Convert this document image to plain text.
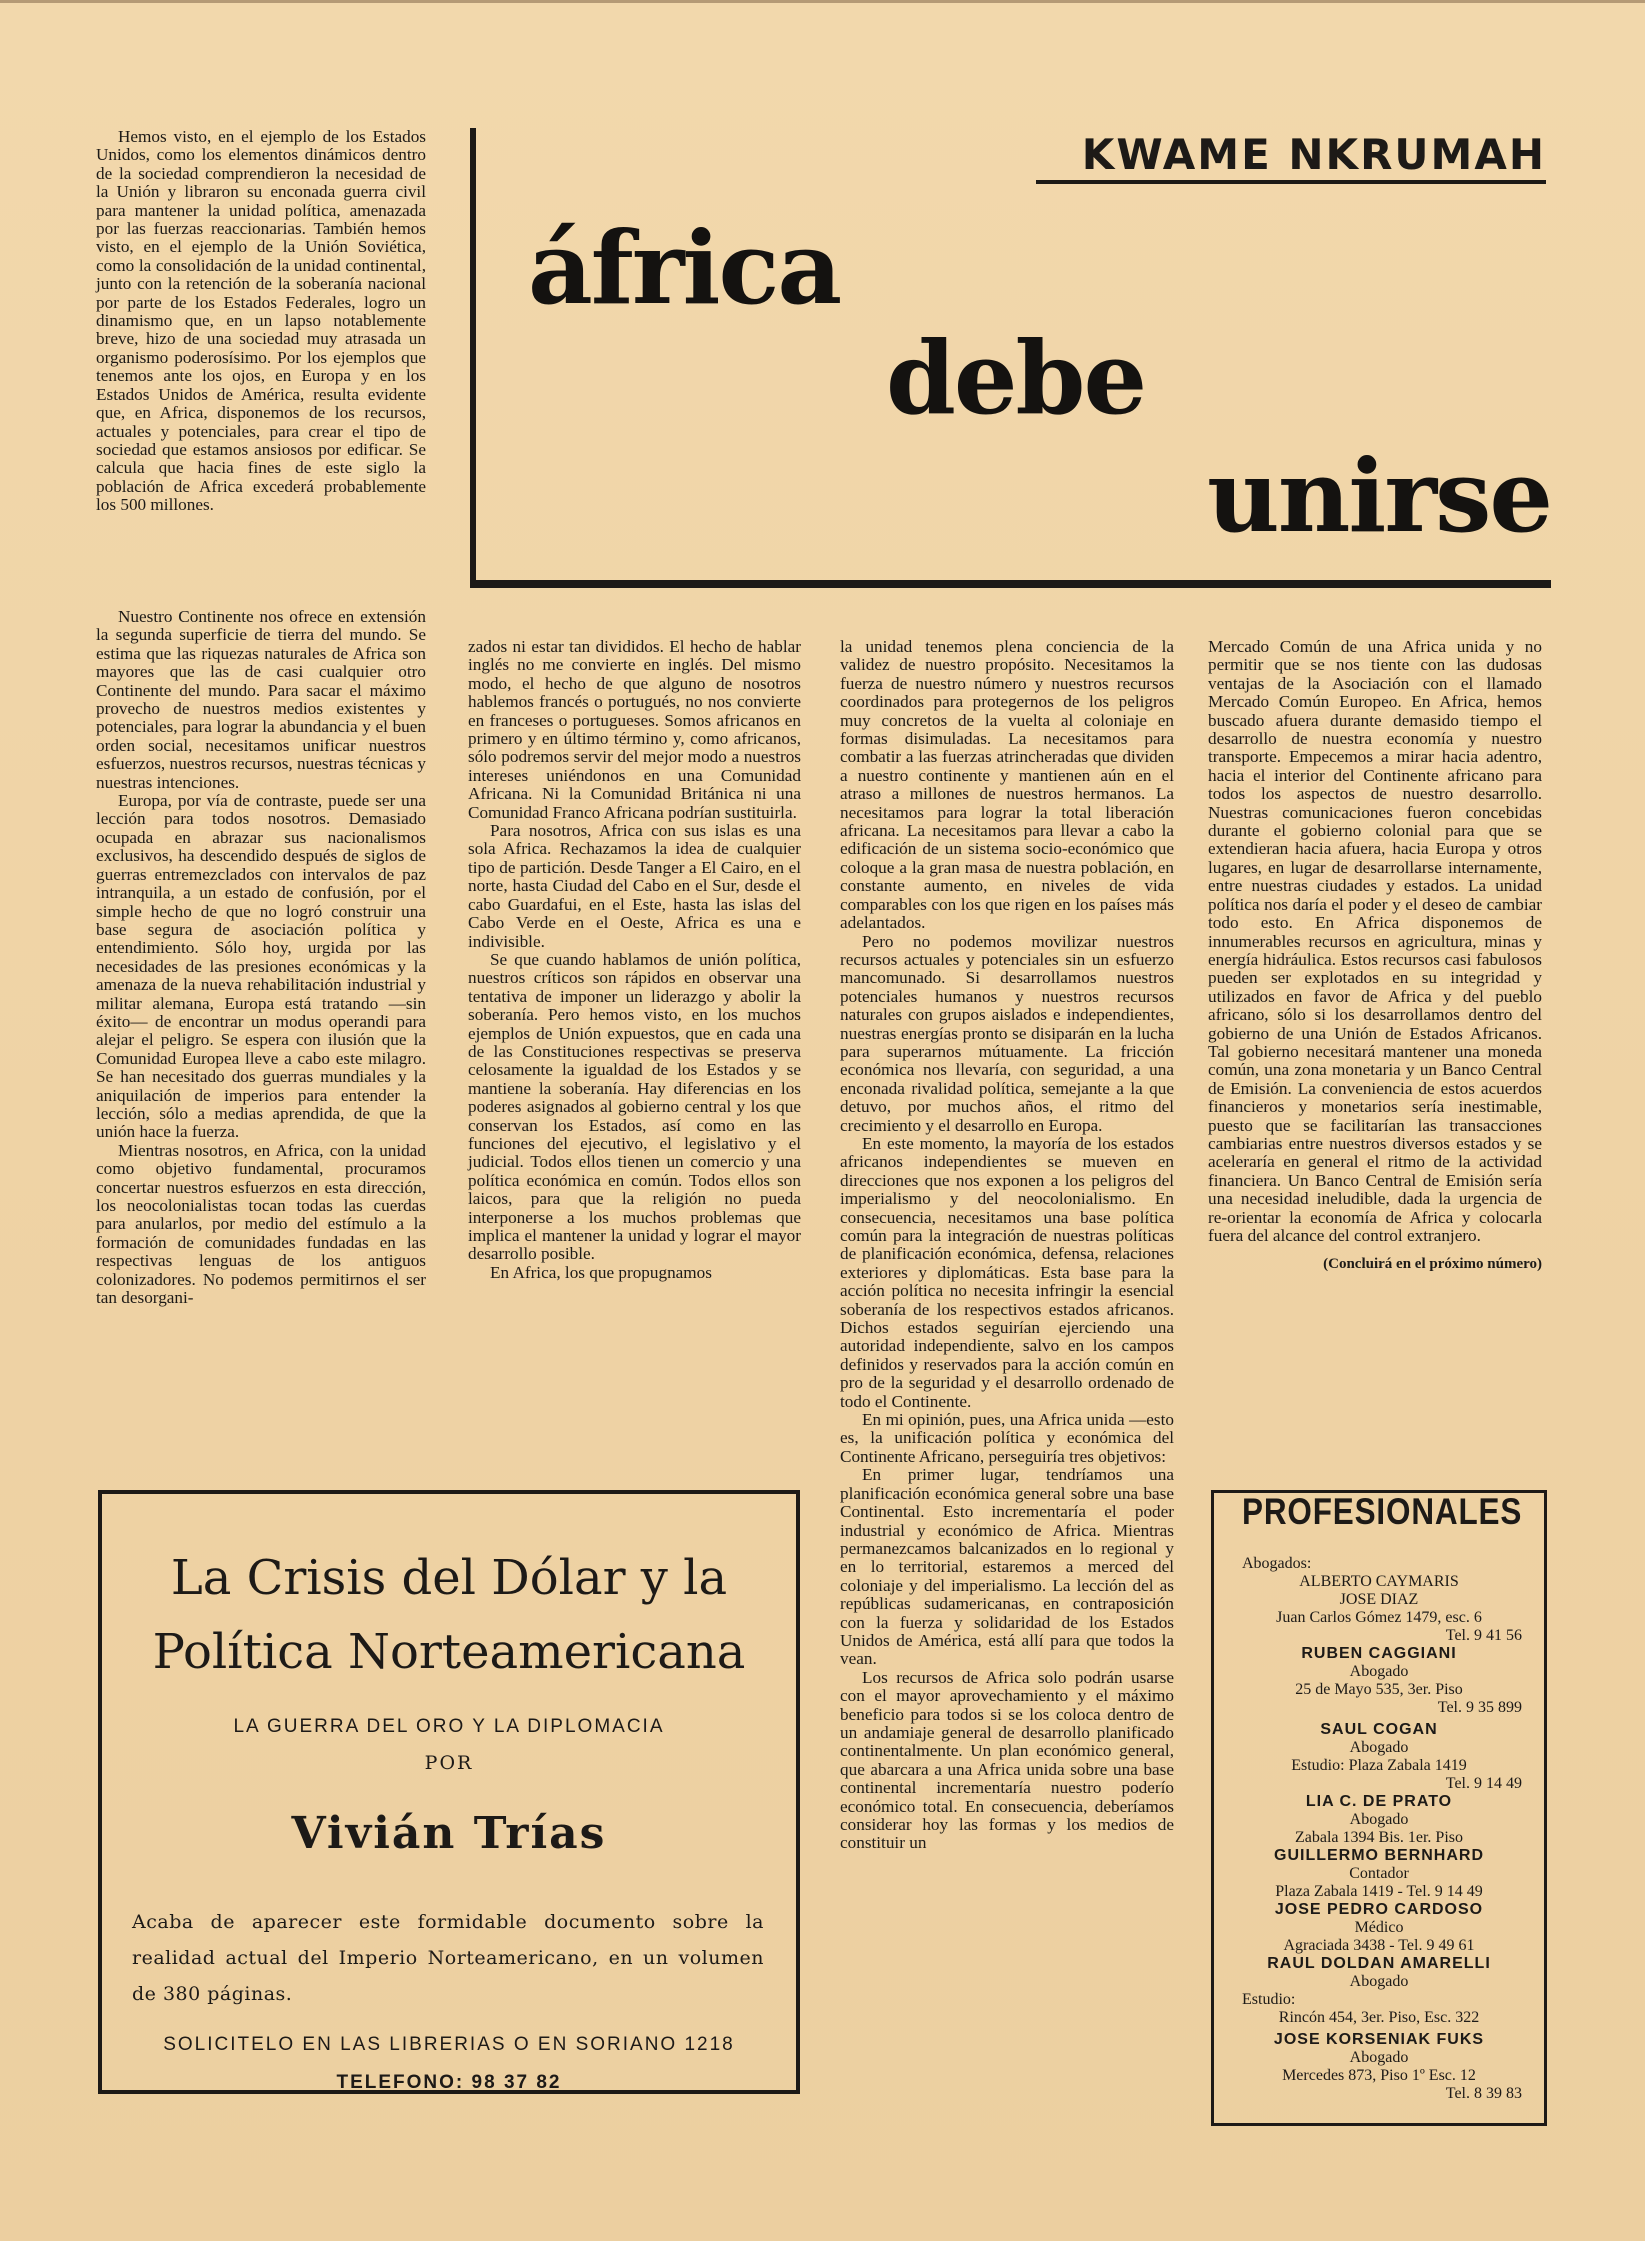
KWAME NKRUMAH
áfrica
debe
unirse

Hemos visto, en el ejemplo de los Estados Unidos, como los elementos dinámicos dentro de la sociedad comprendieron la necesidad de la Unión y libraron su enconada guerra civil para mantener la unidad política, amenazada por las fuerzas reaccionarias. También hemos visto, en el ejemplo de la Unión Soviética, como la consolidación de la unidad continental, junto con la retención de la soberanía nacional por parte de los Estados Federales, logro un dinamismo que, en un lapso notablemente breve, hizo de una sociedad muy atrasada un organismo poderosísimo. Por los ejemplos que tenemos ante los ojos, en Europa y en los Estados Unidos de América, resulta evidente que, en Africa, disponemos de los recursos, actuales y potenciales, para crear el tipo de sociedad que estamos ansiosos por edificar. Se calcula que hacia fines de este siglo la población de Africa excederá probablemente los 500 millones.

Nuestro Continente nos ofrece en extensión la segunda superficie de tierra del mundo. Se estima que las riquezas naturales de Africa son mayores que las de casi cualquier otro Continente del mundo. Para sacar el máximo provecho de nuestros medios existentes y potenciales, para lograr la abundancia y el buen orden social, necesitamos unificar nuestros esfuerzos, nuestros recursos, nuestras técnicas y nuestras intenciones.

Europa, por vía de contraste, puede ser una lección para todos nosotros. Demasiado ocupada en abrazar sus nacionalismos exclusivos, ha descendido después de siglos de guerras entremezclados con intervalos de paz intranquila, a un estado de confusión, por el simple hecho de que no logró construir una base segura de asociación política y entendimiento. Sólo hoy, urgida por las necesidades de las presiones económicas y la amenaza de la nueva rehabilitación industrial y militar alemana, Europa está tratando —sin éxito— de encontrar un modus operandi para alejar el peligro. Se espera con ilusión que la Comunidad Europea lleve a cabo este milagro. Se han necesitado dos guerras mundiales y la aniquilación de imperios para entender la lección, sólo a medias aprendida, de que la unión hace la fuerza.

Mientras nosotros, en Africa, con la unidad como objetivo fundamental, procuramos concertar nuestros esfuerzos en esta dirección, los neocolonialistas tocan todas las cuerdas para anularlos, por medio del estímulo a la formación de comunidades fundadas en las respectivas lenguas de los antiguos colonizadores. No podemos permitirnos el ser tan desorgani-

zados ni estar tan divididos. El hecho de hablar inglés no me convierte en inglés. Del mismo modo, el hecho de que alguno de nosotros hablemos francés o portugués, no nos convierte en franceses o portugueses. Somos africanos en primero y en último término y, como africanos, sólo podremos servir del mejor modo a nuestros intereses uniéndonos en una Comunidad Africana. Ni la Comunidad Británica ni una Comunidad Franco Africana podrían sustituirla.

Para nosotros, Africa con sus islas es una sola Africa. Rechazamos la idea de cualquier tipo de partición. Desde Tanger a El Cairo, en el norte, hasta Ciudad del Cabo en el Sur, desde el cabo Guardafui, en el Este, hasta las islas del Cabo Verde en el Oeste, Africa es una e indivisible.

Se que cuando hablamos de unión política, nuestros críticos son rápidos en observar una tentativa de imponer un liderazgo y abolir la soberanía. Pero hemos visto, en los muchos ejemplos de Unión expuestos, que en cada una de las Constituciones respectivas se preserva celosamente la igualdad de los Estados y se mantiene la soberanía. Hay diferencias en los poderes asignados al gobierno central y los que conservan los Estados, así como en las funciones del ejecutivo, el legislativo y el judicial. Todos ellos tienen un comercio y una política económica en común. Todos ellos son laicos, para que la religión no pueda interponerse a los muchos problemas que implica el mantener la unidad y lograr el mayor desarrollo posible.

En Africa, los que propugnamos

la unidad tenemos plena conciencia de la validez de nuestro propósito. Necesitamos la fuerza de nuestro número y nuestros recursos coordinados para protegernos de los peligros muy concretos de la vuelta al coloniaje en formas disimuladas. La necesitamos para combatir a las fuerzas atrincheradas que dividen a nuestro continente y mantienen aún en el atraso a millones de nuestros hermanos. La necesitamos para lograr la total liberación africana. La necesitamos para llevar a cabo la edificación de un sistema socio-económico que coloque a la gran masa de nuestra población, en constante aumento, en niveles de vida comparables con los que rigen en los países más adelantados.

Pero no podemos movilizar nuestros recursos actuales y potenciales sin un esfuerzo mancomunado. Si desarrollamos nuestros potenciales humanos y nuestros recursos naturales con grupos aislados e independientes, nuestras energías pronto se disiparán en la lucha para superarnos mútuamente. La fricción económica nos llevaría, con seguridad, a una enconada rivalidad política, semejante a la que detuvo, por muchos años, el ritmo del crecimiento y el desarrollo en Europa.

En este momento, la mayoría de los estados africanos independientes se mueven en direcciones que nos exponen a los peligros del imperialismo y del neocolonialismo. En consecuencia, necesitamos una base política común para la integración de nuestras políticas de planificación económica, defensa, relaciones exteriores y diplomáticas. Esta base para la acción política no necesita infringir la esencial soberanía de los respectivos estados africanos. Dichos estados seguirían ejerciendo una autoridad independiente, salvo en los campos definidos y reservados para la acción común en pro de la seguridad y el desarrollo ordenado de todo el Continente.

En mi opinión, pues, una Africa unida —esto es, la unificación política y económica del Continente Africano, perseguiría tres objetivos:

En primer lugar, tendríamos una planificación económica general sobre una base Continental. Esto incrementaría el poder industrial y económico de Africa. Mientras permanezcamos balcanizados en lo regional y en lo territorial, estaremos a merced del coloniaje y del imperialismo. La lección del as repúblicas sudamericanas, en contraposición con la fuerza y solidaridad de los Estados Unidos de América, está allí para que todos la vean.

Los recursos de Africa solo podrán usarse con el mayor aprovechamiento y el máximo beneficio para todos si se los coloca dentro de un andamiaje general de desarrollo planificado continentalmente. Un plan económico general, que abarcara a una Africa unida sobre una base continental incrementaría nuestro poderío económico total. En consecuencia, deberíamos considerar hoy las formas y los medios de constituir un

Mercado Común de una Africa unida y no permitir que se nos tiente con las dudosas ventajas de la Asociación con el llamado Mercado Común Europeo. En Africa, hemos buscado afuera durante demasido tiempo el desarrollo de nuestra economía y nuestro transporte. Empecemos a mirar hacia adentro, hacia el interior del Continente africano para todos los aspectos de nuestro desarrollo. Nuestras comunicaciones fueron concebidas durante el gobierno colonial para que se extendieran hacia afuera, hacia Europa y otros lugares, en lugar de desarrollarse internamente, entre nuestras ciudades y estados. La unidad política nos daría el poder y el deseo de cambiar todo esto. En Africa disponemos de innumerables recursos en agricultura, minas y energía hidráulica. Estos recursos casi fabulosos pueden ser explotados en su integridad y utilizados en favor de Africa y del pueblo africano, sólo si los desarrollamos dentro del gobierno de una Unión de Estados Africanos. Tal gobierno necesitará mantener una moneda común, una zona monetaria y un Banco Central de Emisión. La conveniencia de estos acuerdos financieros y monetarios sería inestimable, puesto que se facilitarían las transacciones cambiarias entre nuestros diversos estados y se aceleraría en general el ritmo de la actividad financiera. Un Banco Central de Emisión sería una necesidad ineludible, dada la urgencia de re-orientar la economía de Africa y colocarla fuera del alcance del control extranjero.

(Concluirá en el próximo número)
La Crisis del Dólar y la
Política Norteamericana
LA GUERRA DEL ORO Y LA DIPLOMACIA
POR
Vivián Trías
Acaba de aparecer este formidable documento sobre la realidad actual del Imperio Norteamericano, en un volumen de 380 páginas.
SOLICITELO EN LAS LIBRERIAS O EN SORIANO 1218
TELEFONO: 98 37 82
PROFESIONALES
Abogados:
ALBERTO CAYMARIS
JOSE DIAZ
Juan Carlos Gómez 1479, esc. 6
Tel. 9 41 56
RUBEN CAGGIANI
Abogado
25 de Mayo 535, 3er. Piso
Tel. 9 35 899
SAUL COGAN
Abogado
Estudio: Plaza Zabala 1419
Tel. 9 14 49
LIA C. DE PRATO
Abogado
Zabala 1394 Bis. 1er. Piso
GUILLERMO BERNHARD
Contador
Plaza Zabala 1419 - Tel. 9 14 49
JOSE PEDRO CARDOSO
Médico
Agraciada 3438 - Tel. 9 49 61
RAUL DOLDAN AMARELLI
Abogado
Estudio:
Rincón 454, 3er. Piso, Esc. 322
JOSE KORSENIAK FUKS
Abogado
Mercedes 873, Piso 1º Esc. 12
Tel. 8 39 83
